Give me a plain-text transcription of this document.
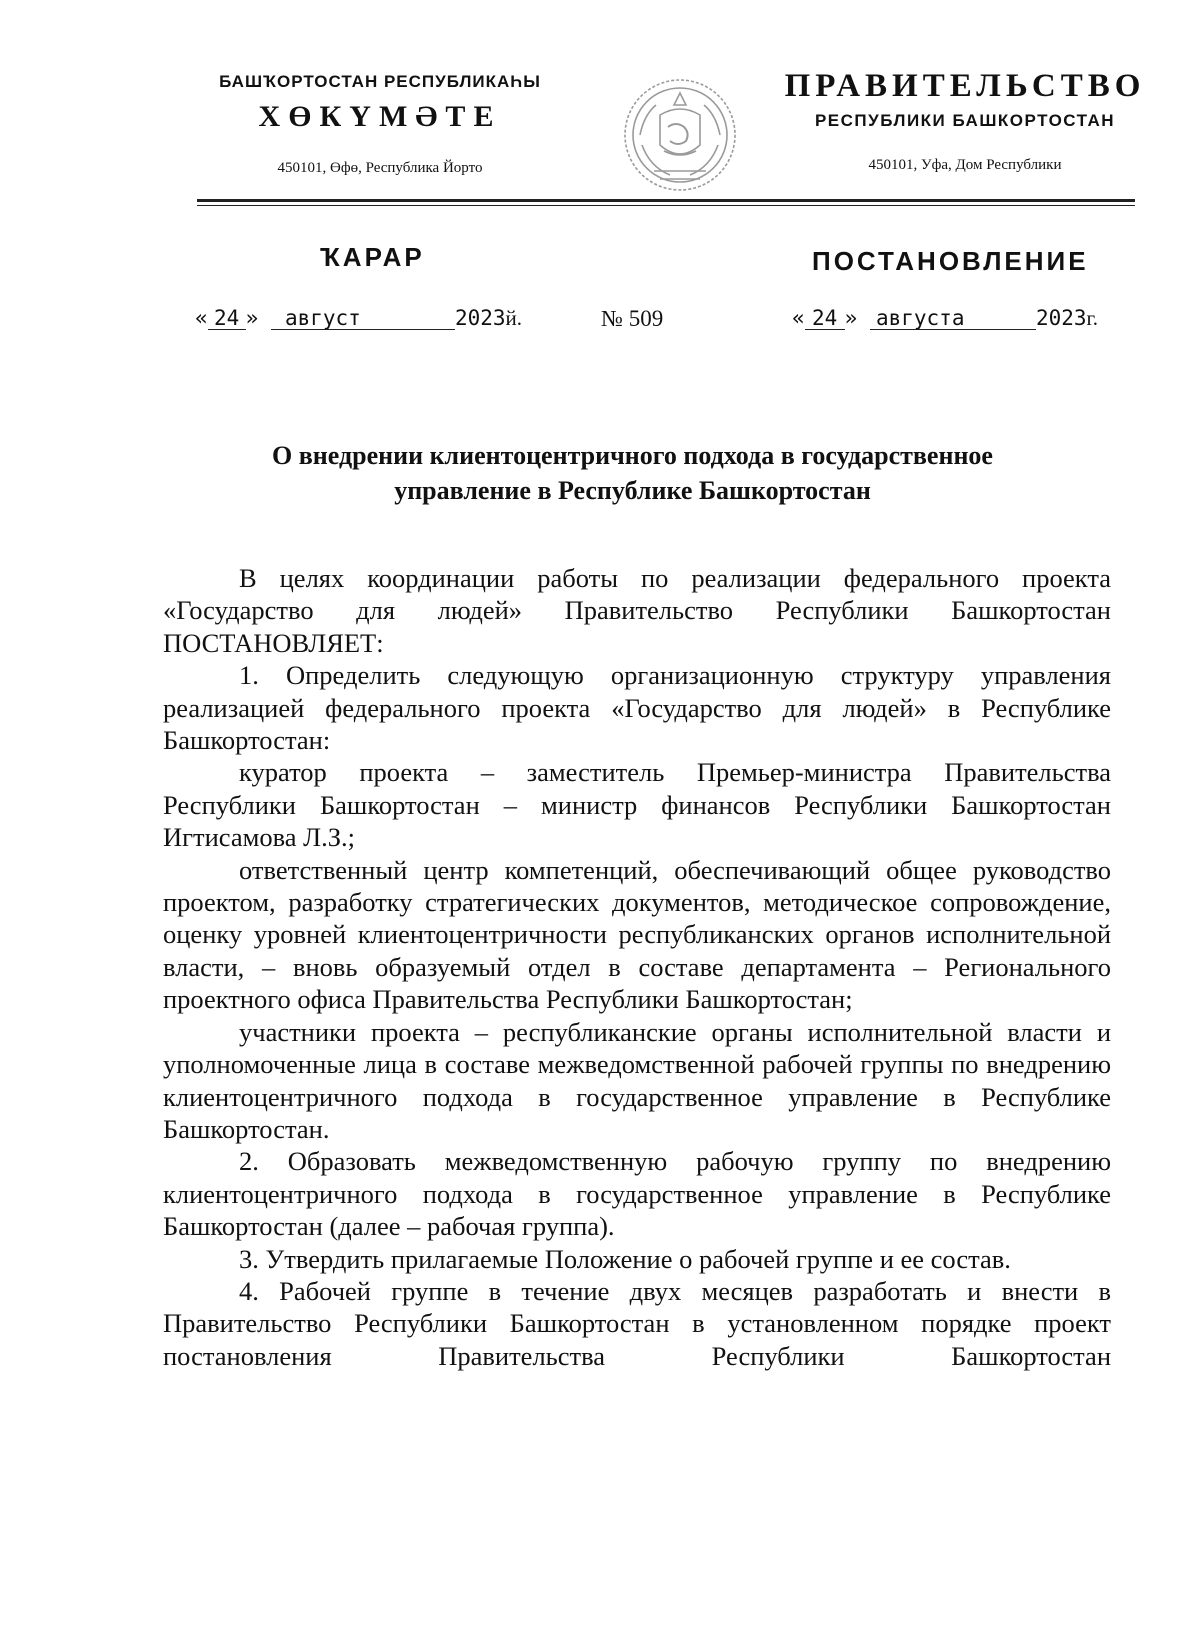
БАШҠОРТОСТАН РЕСПУБЛИКАҺЫ
ХӨКҮМӘТЕ
450101, Өфө, Республика Йорто
ПРАВИТЕЛЬСТВО
РЕСПУБЛИКИ БАШКОРТОСТАН
450101, Уфа, Дом Республики
ҠАРАР	ПОСТАНОВЛЕНИЕ
« 24 » август	2023й.	№ 509	« 24 » августа	2023г.
О внедрении клиентоцентричного подхода в государственное
управление в Республике Башкортостан

В целях координации работы по реализации федерального проекта «Государство для людей» Правительство Республики Башкортостан ПОСТАНОВЛЯЕТ:

1. Определить следующую организационную структуру управления реализацией федерального проекта «Государство для людей» в Республике Башкортостан:

куратор проекта – заместитель Премьер-министра Правительства Республики Башкортостан – министр финансов Республики Башкортостан Игтисамова Л.З.;

ответственный центр компетенций, обеспечивающий общее руководство проектом, разработку стратегических документов, методическое сопровождение, оценку уровней клиентоцентричности республиканских органов исполнительной власти, – вновь образуемый отдел в составе департамента – Регионального проектного офиса Правительства Республики Башкортостан;

участники проекта – республиканские органы исполнительной власти и уполномоченные лица в составе межведомственной рабочей группы по внедрению клиентоцентричного подхода в государственное управление в Республике Башкортостан.

2. Образовать межведомственную рабочую группу по внедрению клиентоцентричного подхода в государственное управление в Республике Башкортостан (далее – рабочая группа).

3. Утвердить прилагаемые Положение о рабочей группе и ее состав.

4. Рабочей группе в течение двух месяцев разработать и внести в Правительство Республики Башкортостан в установленном порядке проект постановления Правительства Республики Башкортостан
